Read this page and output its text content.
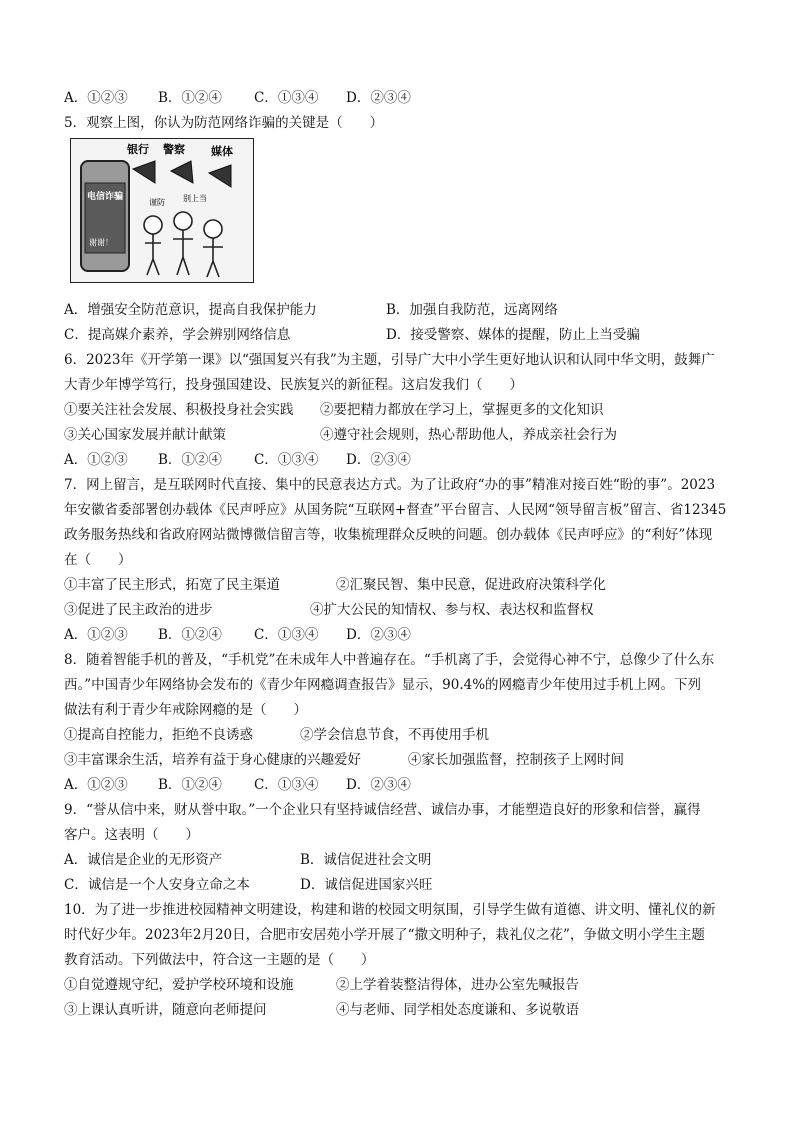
A．①②③ B．①②④ C．①③④ D．②③④
5．观察上图，你认为防范网络诈骗的关键是（　　）
电信诈骗
谢谢！
银行 警察 媒体
别上当
谨防
A．增强安全防范意识，提高自我保护能力	B．加强自我防范，远离网络
C．提高媒介素养，学会辨别网络信息	D．接受警察、媒体的提醒，防止上当受骗
6．2023年《开学第一课》以“强国复兴有我”为主题，引导广大中小学生更好地认识和认同中华文明，鼓舞广
大青少年博学笃行，投身强国建设、民族复兴的新征程。这启发我们（　　）
①要关注社会发展、积极投身社会实践 ②要把精力都放在学习上，掌握更多的文化知识
③关心国家发展并献计献策	④遵守社会规则，热心帮助他人，养成亲社会行为
A．①②③ B．①②④ C．①③④ D．②③④
7．网上留言，是互联网时代直接、集中的民意表达方式。为了让政府“办的事”精准对接百姓“盼的事”。2023
年安徽省委部署创办载体《民声呼应》从国务院“互联网+督查”平台留言、人民网“领导留言板”留言、省12345
政务服务热线和省政府网站微博微信留言等，收集梳理群众反映的问题。创办载体《民声呼应》的“利好”体现
在（　　）
①丰富了民主形式，拓宽了民主渠道	②汇聚民智、集中民意，促进政府决策科学化
③促进了民主政治的进步	④扩大公民的知情权、参与权、表达权和监督权
A．①②③ B．①②④ C．①③④ D．②③④
8．随着智能手机的普及，“手机党”在未成年人中普遍存在。“手机离了手，会觉得心神不宁，总像少了什么东
西。”中国青少年网络协会发布的《青少年网瘾调查报告》显示，90.4%的网瘾青少年使用过手机上网。下列
做法有利于青少年戒除网瘾的是（　　）
①提高自控能力，拒绝不良诱惑	②学会信息节食，不再使用手机
③丰富课余生活，培养有益于身心健康的兴趣爱好	④家长加强监督，控制孩子上网时间
A．①②③ B．①②④ C．①③④ D．②③④
9．“誉从信中来，财从誉中取。”一个企业只有坚持诚信经营、诚信办事，才能塑造良好的形象和信誉，赢得
客户。这表明（　　）
A．诚信是企业的无形资产	B．诚信促进社会文明
C．诚信是一个人安身立命之本	D．诚信促进国家兴旺
10．为了进一步推进校园精神文明建设，构建和谐的校园文明氛围，引导学生做有道德、讲文明、懂礼仪的新
时代好少年。2023年2月20日，合肥市安居苑小学开展了“撒文明种子，栽礼仪之花”，争做文明小学生主题
教育活动。下列做法中，符合这一主题的是（　　）
①自觉遵规守纪，爱护学校环境和设施	②上学着装整洁得体，进办公室先喊报告
③上课认真听讲，随意向老师提问	④与老师、同学相处态度谦和、多说敬语
